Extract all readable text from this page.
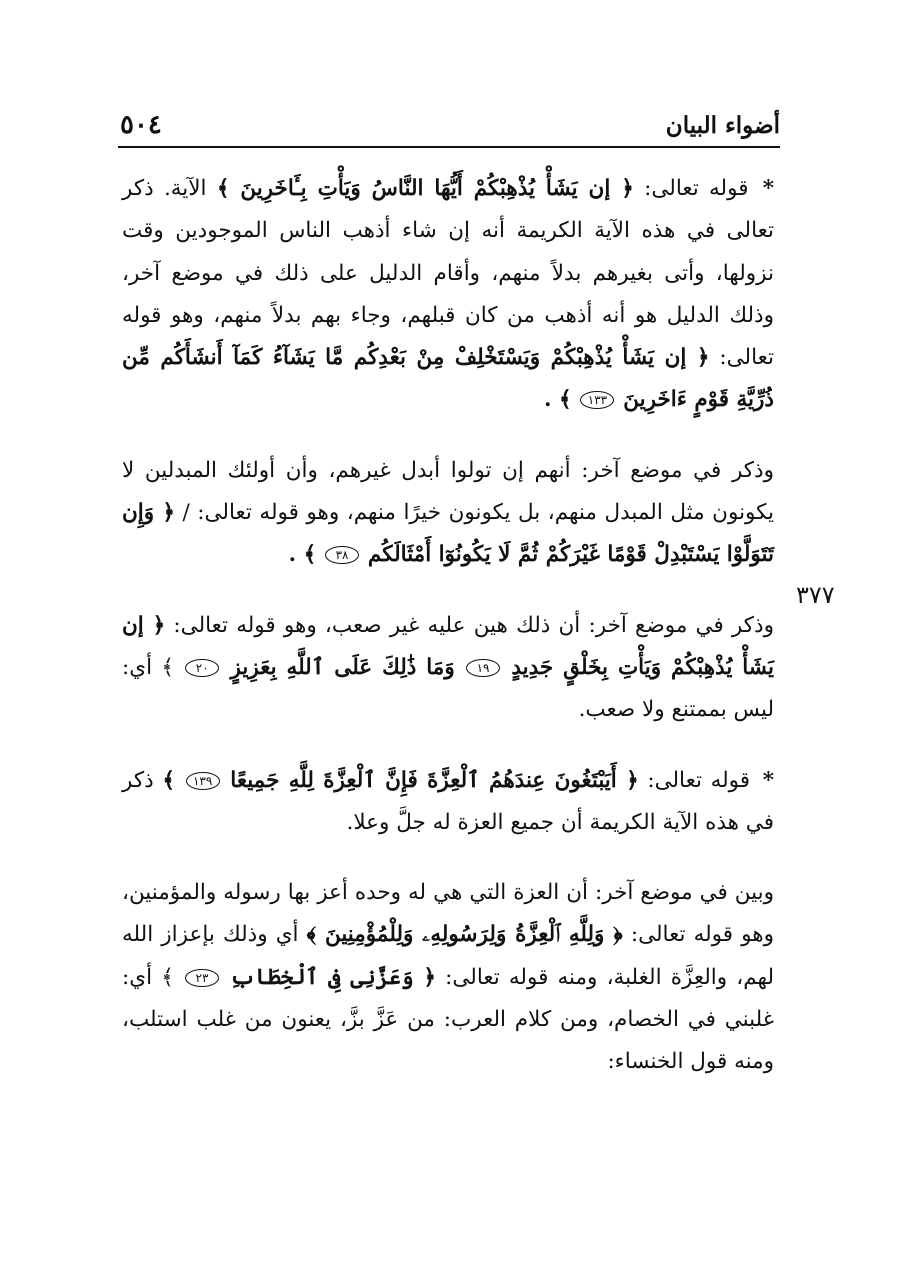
٥٠٤	أضواء البيان
٣٧٧

* قوله تعالى: ﴿ إن يَشَأْ يُذْهِبْكُمْ أَيُّهَا النَّاسُ وَيَأْتِ بِـَٔاخَرِينَ ﴾ الآية. ذكر تعالى في هذه الآية الكريمة أنه إن شاء أذهب الناس الموجودين وقت نزولها، وأتى بغيرهم بدلاً منهم، وأقام الدليل على ذلك في موضع آخر، وذلك الدليل هو أنه أذهب من كان قبلهم، وجاء بهم بدلاً منهم، وهو قوله تعالى: ﴿ إن يَشَأْ يُذْهِبْكُمْ وَيَسْتَخْلِفْ مِنْ بَعْدِكُم مَّا يَشَآءُ كَمَآ أَنشَأَكُم مِّن ذُرِّيَّةِ قَوْمٍ ءَاخَرِينَ ١٣٣ ﴾ .

وذكر في موضع آخر: أنهم إن تولوا أبدل غيرهم، وأن أولئك المبدلين لا يكونون مثل المبدل منهم، بل يكونون خيرًا منهم، وهو قوله تعالى: / ﴿ وَإِن تَتَوَلَّوْا يَسْتَبْدِلْ قَوْمًا غَيْرَكُمْ ثُمَّ لَا يَكُونُوٓا أَمْثَالَكُم ٣٨ ﴾ .

وذكر في موضع آخر: أن ذلك هين عليه غير صعب، وهو قوله تعالى: ﴿ إن يَشَأْ يُذْهِبْكُمْ وَيَأْتِ بِخَلْقٍ جَدِيدٍ ١٩ وَمَا ذَٰلِكَ عَلَى ٱللَّهِ بِعَزِيزٍ ٢٠ ﴾ أي: ليس بممتنع ولا صعب.

* قوله تعالى: ﴿ أَيَبْتَغُونَ عِندَهُمُ ٱلْعِزَّةَ فَإِنَّ ٱلْعِزَّةَ لِلَّهِ جَمِيعًا ١٣٩ ﴾ ذكر في هذه الآية الكريمة أن جميع العزة له جلَّ وعلا.

وبين في موضع آخر: أن العزة التي هي له وحده أعز بها رسوله والمؤمنين، وهو قوله تعالى: ﴿ وَلِلَّهِ ٱلْعِزَّةُ وَلِرَسُولِهِۦ وَلِلْمُؤْمِنِينَ ﴾ أي وذلك بإعزاز الله لهم، والعِزَّة الغلبة، ومنه قوله تعالى: ﴿ وَعَزَّنِى فِى ٱلْخِطَابِ ٢٣ ﴾ أي: غلبني في الخصام، ومن كلام العرب: من عَزَّ بزَّ، يعنون من غلب استلب، ومنه قول الخنساء:
